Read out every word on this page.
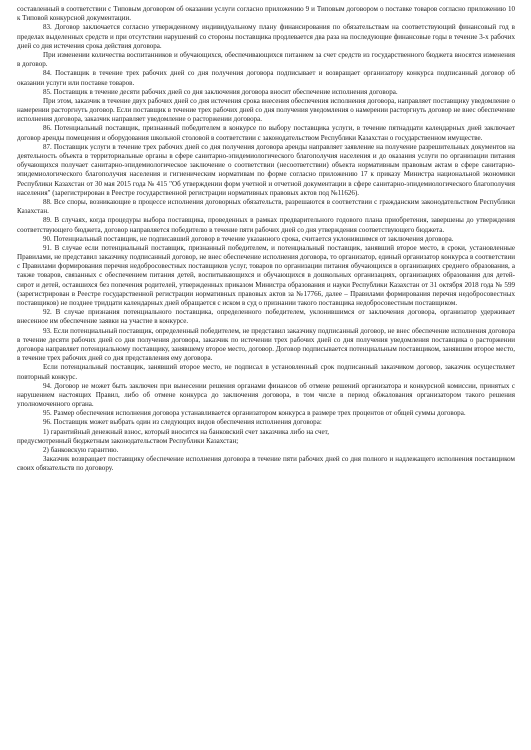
составленный в соответствии с Типовым договором об оказании услуги согласно приложению 9 и Типовым договором о поставке товаров согласно приложению 10 к Типовой конкурсной документации.

83. Договор заключается согласно утвержденному индивидуальному плану финансирования по обязательствам на соответствующий финансовый год в пределах выделенных средств и при отсутствии нарушений со стороны поставщика продлевается два раза на последующие финансовые годы в течение 3-х рабочих дней со дня истечения срока действия договора.

При изменении количества воспитанников и обучающихся, обеспечивающихся питанием за счет средств из государственного бюджета вносятся изменения в договор.

84. Поставщик в течение трех рабочих дней со дня получения договора подписывает и возвращает организатору конкурса подписанный договор об оказании услуги или поставке товаров.

85. Поставщик в течение десяти рабочих дней со дня заключения договора вносит обеспечение исполнения договора.

При этом, заказчик в течение двух рабочих дней со дня истечения срока внесения обеспечения исполнения договора, направляет поставщику уведомление о намерении расторгнуть договор. Если поставщик в течение трех рабочих дней со дня получения уведомления о намерении расторгнуть договор не внес обеспечение исполнения договора, заказчик направляет уведомление о расторжении договора.

86. Потенциальный поставщик, признанный победителем в конкурсе по выбору поставщика услуги, в течение пятнадцати календарных дней заключает договор аренды помещения и оборудования школьной столовой в соответствии с законодательством Республики Казахстан о государственном имуществе.

87. Поставщик услуги в течение трех рабочих дней со дня получения договора аренды направляет заявление на получение разрешительных документов на деятельность объекта в территориальные органы в сфере санитарно-эпидемиологического благополучия населения и до оказания услуги по организации питания обучающихся получает санитарно-эпидемиологическое заключение о соответствии (несоответствии) объекта нормативным правовым актам в сфере санитарно-эпидемиологического благополучия населения и гигиеническим нормативам по форме согласно приложению 17 к приказу Министра национальной экономики Республики Казахстан от 30 мая 2015 года № 415 "Об утверждении форм учетной и отчетной документации в сфере санитарно-эпидемиологического благополучия населения" (зарегистрирован в Реестре государственной регистрации нормативных правовых актов под №11626).

88. Все споры, возникающие в процессе исполнения договорных обязательств, разрешаются в соответствии с гражданским законодательством Республики Казахстан.

89. В случаях, когда процедуры выбора поставщика, проведенных в рамках предварительного годового плана приобретения, завершены до утверждения соответствующего бюджета, договор направляется победителю в течение пяти рабочих дней со дня утверждения соответствующего бюджета.

90. Потенциальный поставщик, не подписавший договор в течение указанного срока, считается уклонившимся от заключения договора.

91. В случае если потенциальный поставщик, признанный победителем, и потенциальный поставщик, занявший второе место, в сроки, установленные Правилами, не представил заказчику подписанный договор, не внес обеспечение исполнения договора, то организатор, единый организатор конкурса в соответствии с Правилами формирования перечня недобросовестных поставщиков услуг, товаров по организации питания обучающихся в организациях среднего образования, а также товаров, связанных с обеспечением питания детей, воспитывающихся и обучающихся в дошкольных организациях, организациях образования для детей-сирот и детей, оставшихся без попечения родителей, утвержденных приказом Министра образования и науки Республики Казахстан от 31 октября 2018 года № 599 (зарегистрирован в Реестре государственной регистрации нормативных правовых актов за №17766, далее – Правилами формирования перечня недобросовестных поставщиков) не позднее тридцати календарных дней обращается с иском в суд о признании такого поставщика недобросовестным поставщиком.

92. В случае признания потенциального поставщика, определенного победителем, уклонившимся от заключения договора, организатор удерживает внесенное им обеспечение заявки на участие в конкурсе.

93. Если потенциальный поставщик, определенный победителем, не представил заказчику подписанный договор, не внес обеспечение исполнения договора в течение десяти рабочих дней со дня получения договора, заказчик по истечении трех рабочих дней со дня получения уведомления поставщика о расторжении договора направляет потенциальному поставщику, занявшему второе место, договор. Договор подписывается потенциальным поставщиком, занявшим второе место, в течение трех рабочих дней со дня представления ему договора.

Если потенциальный поставщик, занявший второе место, не подписал в установленный срок подписанный заказчиком договор, заказчик осуществляет повторный конкурс.

94. Договор не может быть заключен при вынесении решения органами финансов об отмене решений организатора и конкурсной комиссии, принятых с нарушением настоящих Правил, либо об отмене конкурса до заключения договора, в том числе в период обжалования организатором такого решения уполномоченного органа.

95. Размер обеспечения исполнения договора устанавливается организатором конкурса в размере трех процентов от общей суммы договора.

96. Поставщик может выбрать один из следующих видов обеспечения исполнения договора:

1) гарантийный денежный взнос, который вносится на банковский счет заказчика либо на счет,

предусмотренный бюджетным законодательством Республики Казахстан;

2) банковскую гарантию.

Заказчик возвращает поставщику обеспечение исполнения договора в течение пяти рабочих дней со дня полного и надлежащего исполнения поставщиком своих обязательств по договору.
